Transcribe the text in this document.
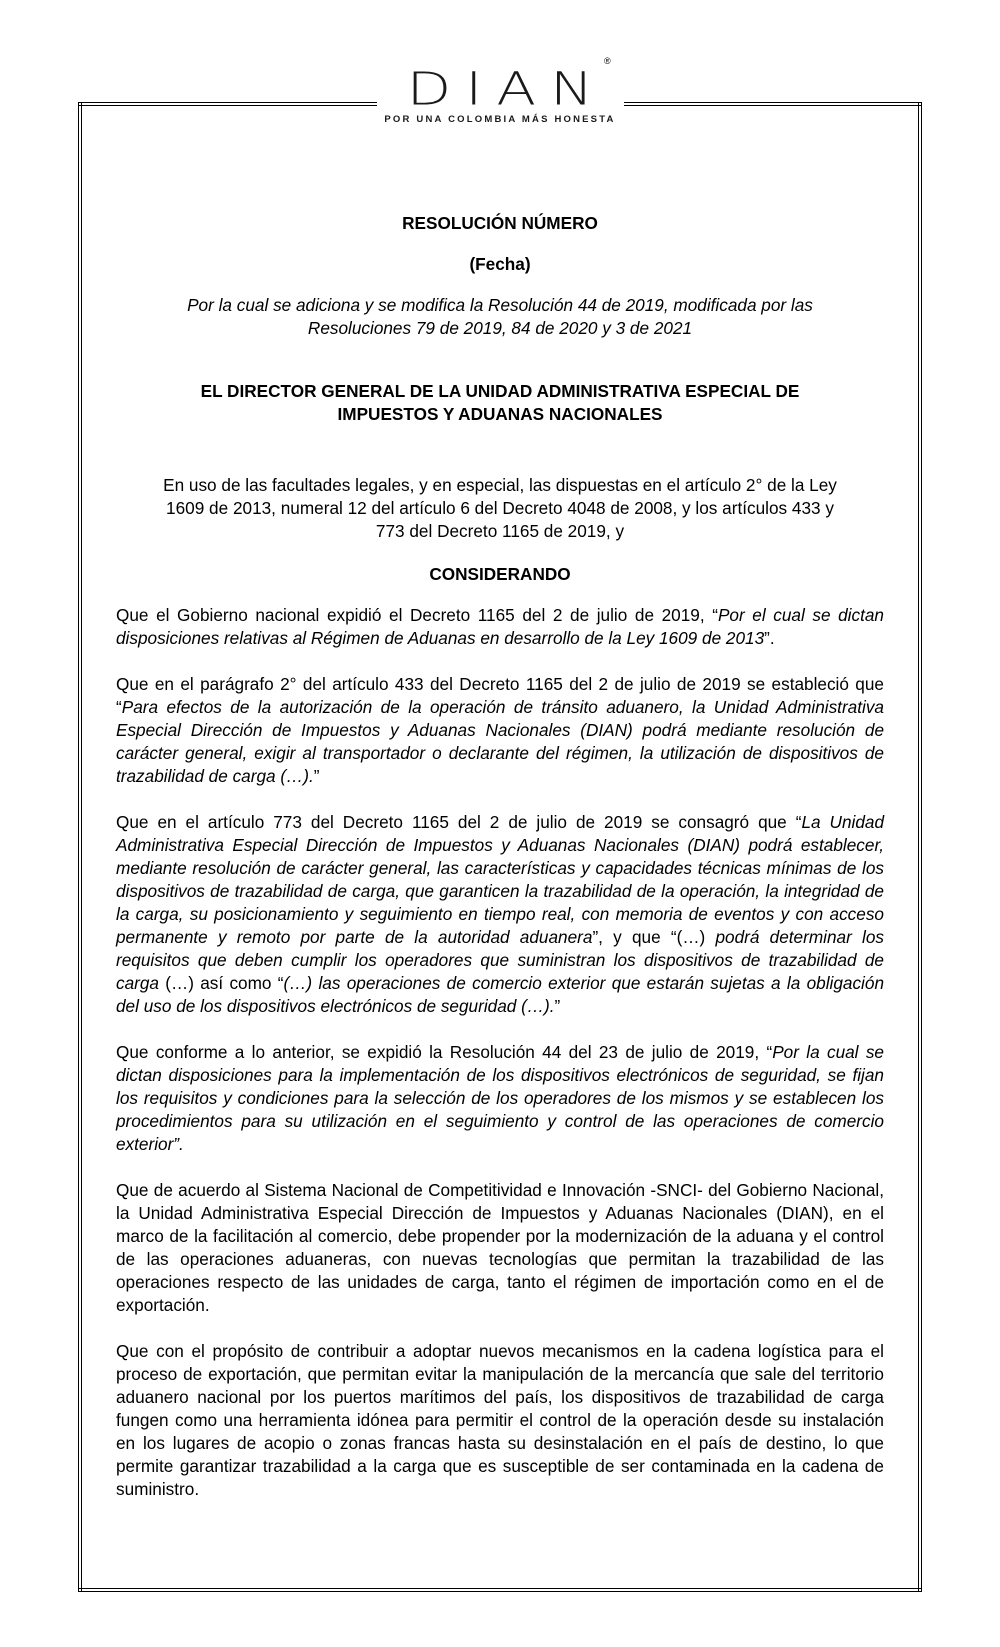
DIAN
®
POR UNA COLOMBIA MÁS HONESTA

RESOLUCIÓN NÚMERO

(Fecha)

Por la cual se adiciona y se modifica la Resolución 44 de 2019, modificada por las

Resoluciones 79 de 2019, 84 de 2020 y 3 de 2021

EL DIRECTOR GENERAL DE LA UNIDAD ADMINISTRATIVA ESPECIAL DE

IMPUESTOS Y ADUANAS NACIONALES

En uso de las facultades legales, y en especial, las dispuestas en el artículo 2° de la Ley

1609 de 2013, numeral 12 del artículo 6 del Decreto 4048 de 2008, y los artículos 433 y

773 del Decreto 1165 de 2019, y

CONSIDERANDO

Que el Gobierno nacional expidió el Decreto 1165 del 2 de julio de 2019, “Por el cual se dictan disposiciones relativas al Régimen de Aduanas en desarrollo de la Ley 1609 de 2013”.

Que en el parágrafo 2° del artículo 433 del Decreto 1165 del 2 de julio de 2019 se estableció que “Para efectos de la autorización de la operación de tránsito aduanero, la Unidad Administrativa Especial Dirección de Impuestos y Aduanas Nacionales (DIAN) podrá mediante resolución de carácter general, exigir al transportador o declarante del régimen, la utilización de dispositivos de trazabilidad de carga (…).”

Que en el artículo 773 del Decreto 1165 del 2 de julio de 2019 se consagró que “La Unidad Administrativa Especial Dirección de Impuestos y Aduanas Nacionales (DIAN) podrá establecer, mediante resolución de carácter general, las características y capacidades técnicas mínimas de los dispositivos de trazabilidad de carga, que garanticen la trazabilidad de la operación, la integridad de la carga, su posicionamiento y seguimiento en tiempo real, con memoria de eventos y con acceso permanente y remoto por parte de la autoridad aduanera”, y que “(…) podrá determinar los requisitos que deben cumplir los operadores que suministran los dispositivos de trazabilidad de carga (…) así como “(…) las operaciones de comercio exterior que estarán sujetas a la obligación del uso de los dispositivos electrónicos de seguridad (…).”

Que conforme a lo anterior, se expidió la Resolución 44 del 23 de julio de 2019, “Por la cual se dictan disposiciones para la implementación de los dispositivos electrónicos de seguridad, se fijan los requisitos y condiciones para la selección de los operadores de los mismos y se establecen los procedimientos para su utilización en el seguimiento y control de las operaciones de comercio exterior”.

Que de acuerdo al Sistema Nacional de Competitividad e Innovación -SNCI- del Gobierno Nacional, la Unidad Administrativa Especial Dirección de Impuestos y Aduanas Nacionales (DIAN), en el marco de la facilitación al comercio, debe propender por la modernización de la aduana y el control de las operaciones aduaneras, con nuevas tecnologías que permitan la trazabilidad de las operaciones respecto de las unidades de carga, tanto el régimen de importación como en el de exportación.

Que con el propósito de contribuir a adoptar nuevos mecanismos en la cadena logística para el proceso de exportación, que permitan evitar la manipulación de la mercancía que sale del territorio aduanero nacional por los puertos marítimos del país, los dispositivos de trazabilidad de carga fungen como una herramienta idónea para permitir el control de la operación desde su instalación en los lugares de acopio o zonas francas hasta su desinstalación en el país de destino, lo que permite garantizar trazabilidad a la carga que es susceptible de ser contaminada en la cadena de suministro.
